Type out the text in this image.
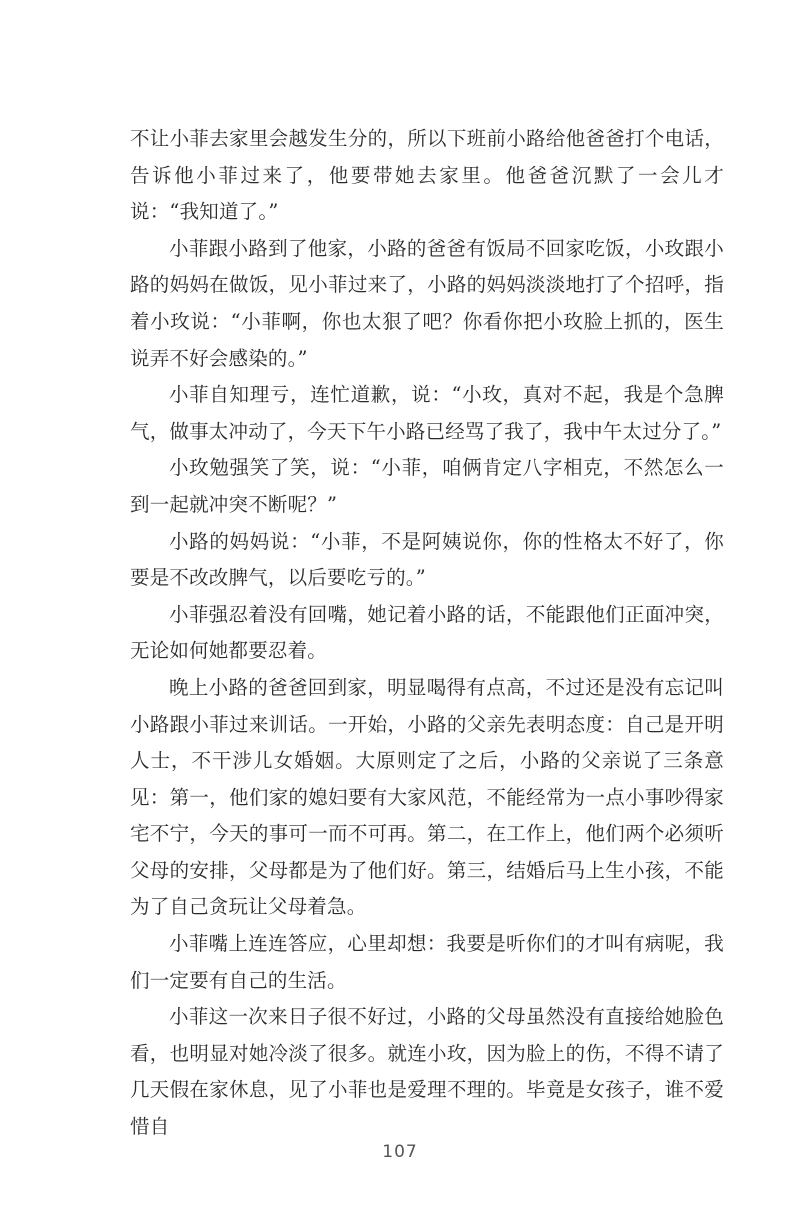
不让小菲去家里会越发生分的，所以下班前小路给他爸爸打个电话，告诉他小菲过来了，他要带她去家里。他爸爸沉默了一会儿才说：“我知道了。”

小菲跟小路到了他家，小路的爸爸有饭局不回家吃饭，小玫跟小路的妈妈在做饭，见小菲过来了，小路的妈妈淡淡地打了个招呼，指着小玫说：“小菲啊，你也太狠了吧？你看你把小玫脸上抓的，医生说弄不好会感染的。”

小菲自知理亏，连忙道歉，说：“小玫，真对不起，我是个急脾气，做事太冲动了，今天下午小路已经骂了我了，我中午太过分了。”

小玫勉强笑了笑，说：“小菲，咱俩肯定八字相克，不然怎么一到一起就冲突不断呢？”

小路的妈妈说：“小菲，不是阿姨说你，你的性格太不好了，你要是不改改脾气，以后要吃亏的。”

小菲强忍着没有回嘴，她记着小路的话，不能跟他们正面冲突，无论如何她都要忍着。

晚上小路的爸爸回到家，明显喝得有点高，不过还是没有忘记叫小路跟小菲过来训话。一开始，小路的父亲先表明态度：自己是开明人士，不干涉儿女婚姻。大原则定了之后，小路的父亲说了三条意见：第一，他们家的媳妇要有大家风范，不能经常为一点小事吵得家宅不宁，今天的事可一而不可再。第二，在工作上，他们两个必须听父母的安排，父母都是为了他们好。第三，结婚后马上生小孩，不能为了自己贪玩让父母着急。

小菲嘴上连连答应，心里却想：我要是听你们的才叫有病呢，我们一定要有自己的生活。

小菲这一次来日子很不好过，小路的父母虽然没有直接给她脸色看，也明显对她冷淡了很多。就连小玫，因为脸上的伤，不得不请了几天假在家休息，见了小菲也是爱理不理的。毕竟是女孩子，谁不爱惜自

107
